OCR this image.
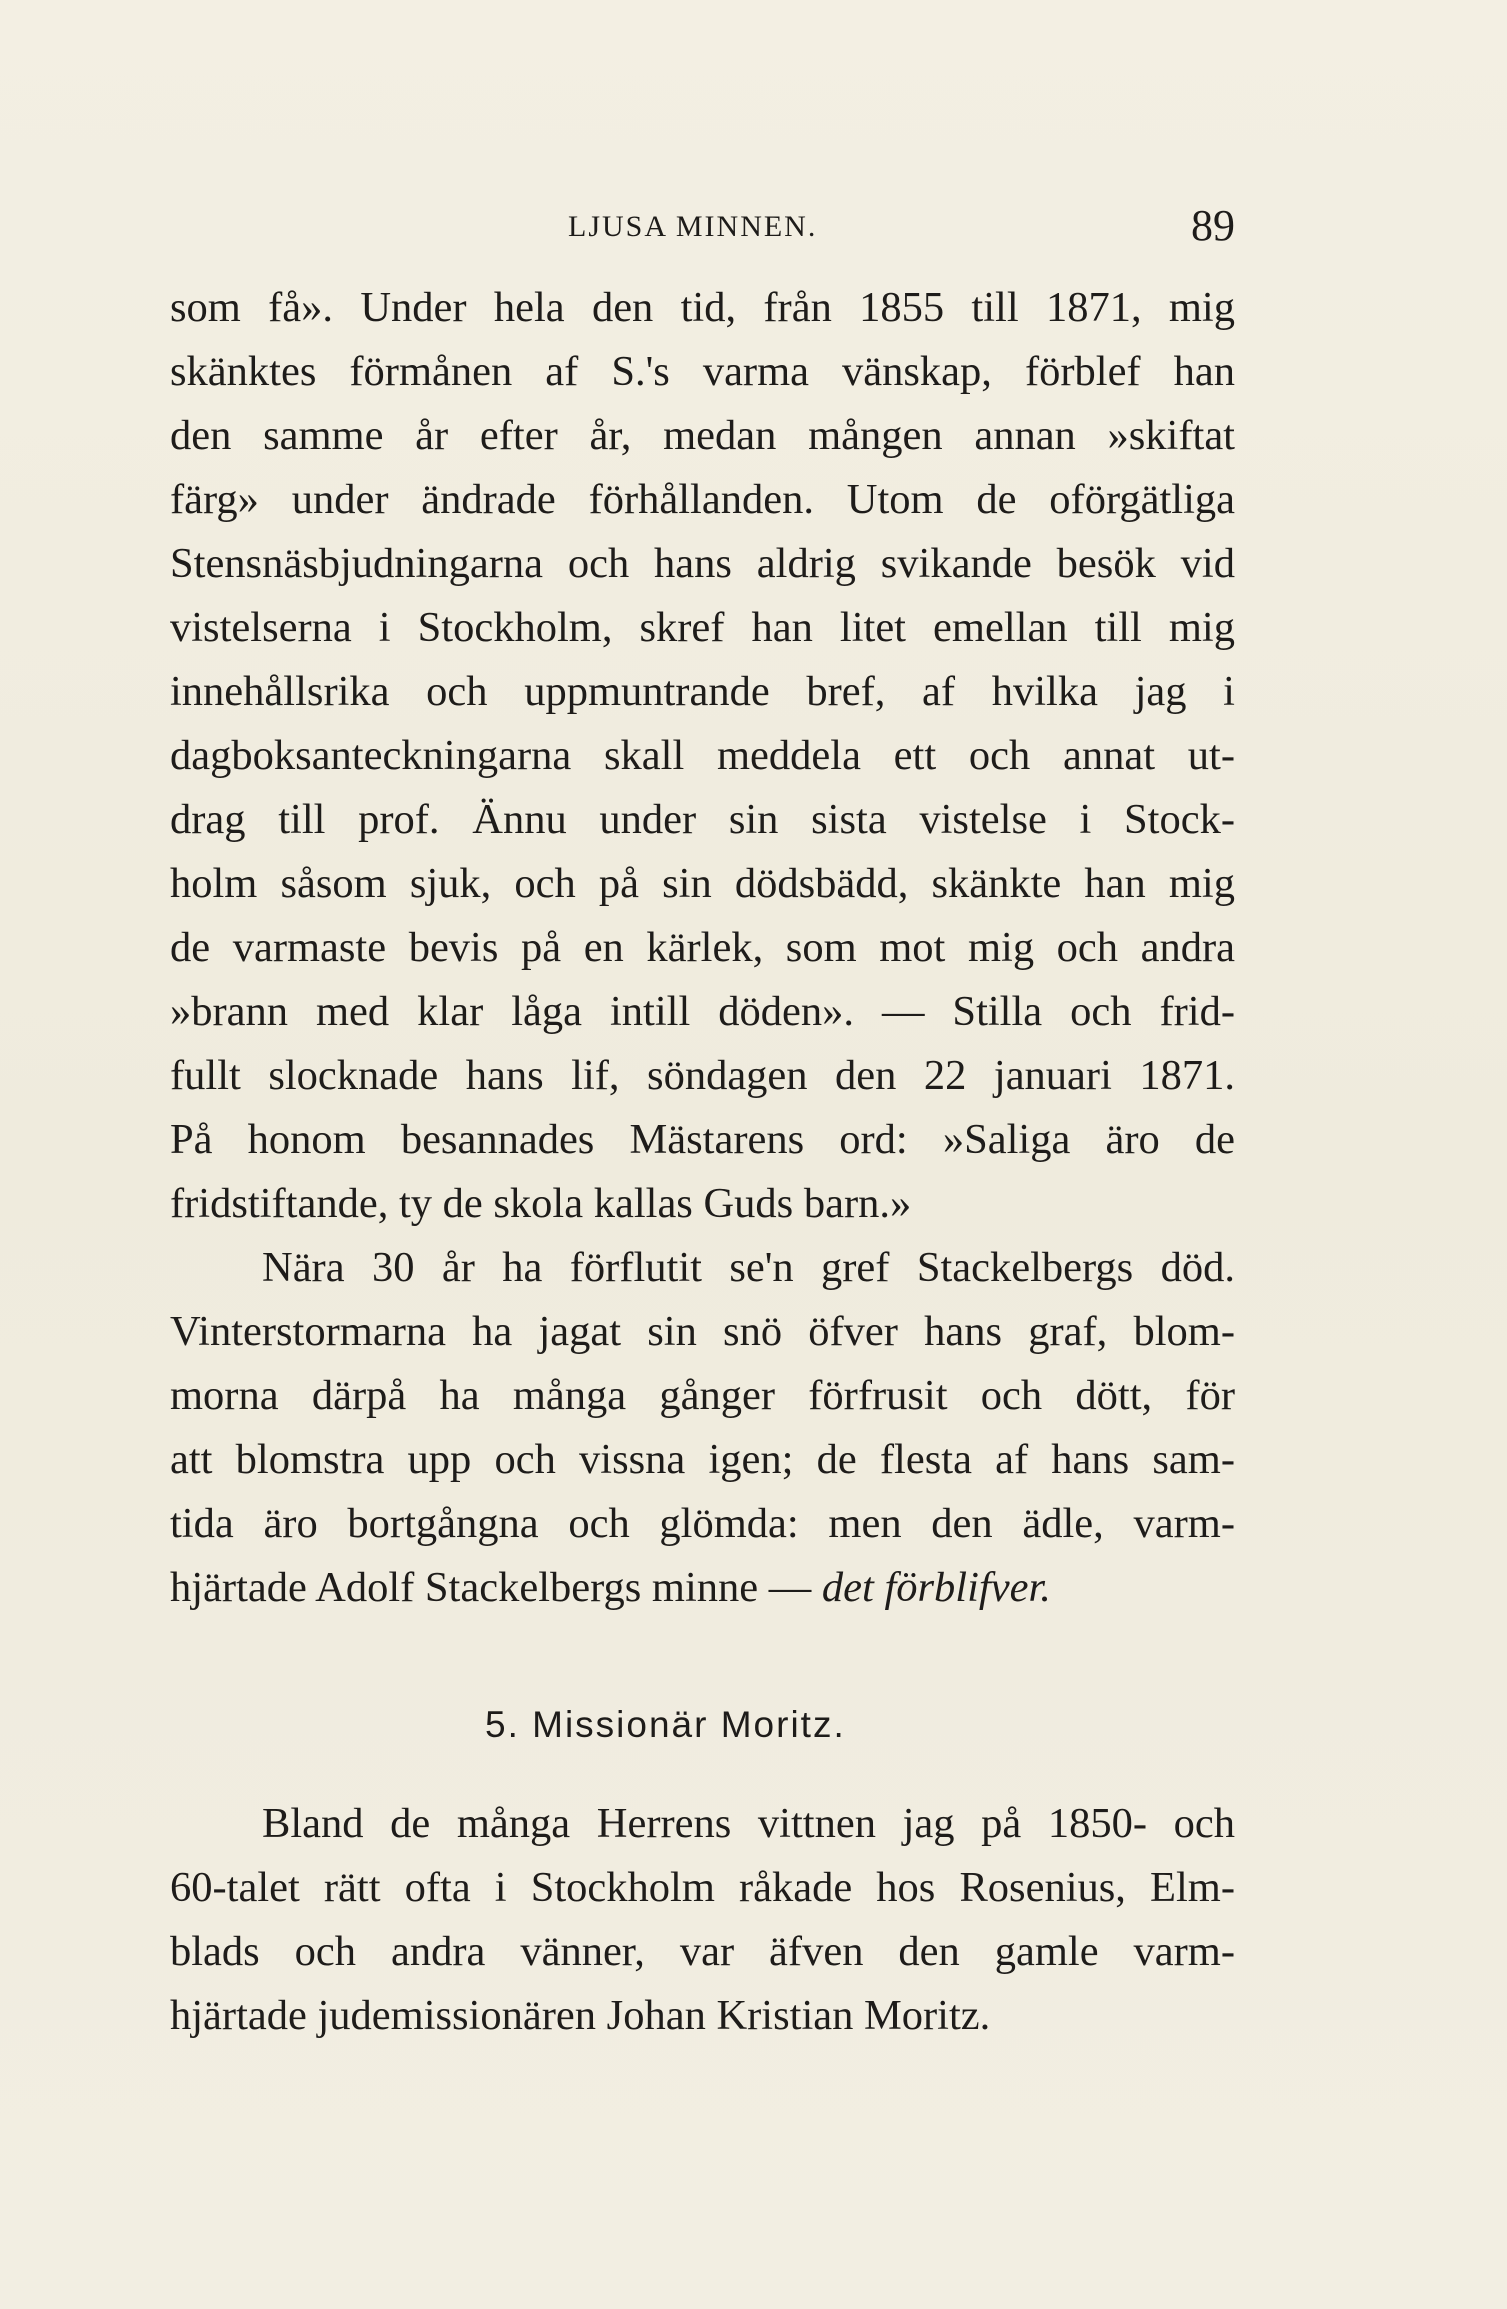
LJUSA MINNEN.	89
som få». Under hela den tid, från 1855 till 1871, mig
skänktes förmånen af S.'s varma vänskap, förblef han
den samme år efter år, medan mången annan »skiftat
färg» under ändrade förhållanden. Utom de oförgätliga
Stensnäsbjudningarna och hans aldrig svikande besök vid
vistelserna i Stockholm, skref han litet emellan till mig
innehållsrika och uppmuntrande bref, af hvilka jag i
dagboksanteckningarna skall meddela ett och annat ut-
drag till prof. Ännu under sin sista vistelse i Stock-
holm såsom sjuk, och på sin dödsbädd, skänkte han mig
de varmaste bevis på en kärlek, som mot mig och andra
»brann med klar låga intill döden». — Stilla och frid-
fullt slocknade hans lif, söndagen den 22 januari 1871.
På honom besannades Mästarens ord: »Saliga äro de
fridstiftande, ty de skola kallas Guds barn.»
Nära 30 år ha förflutit se'n gref Stackelbergs död.
Vinterstormarna ha jagat sin snö öfver hans graf, blom-
morna därpå ha många gånger förfrusit och dött, för
att blomstra upp och vissna igen; de flesta af hans sam-
tida äro bortgångna och glömda: men den ädle, varm-
hjärtade Adolf Stackelbergs minne — det förblifver.
5. Missionär Moritz.
Bland de många Herrens vittnen jag på 1850- och
60-talet rätt ofta i Stockholm råkade hos Rosenius, Elm-
blads och andra vänner, var äfven den gamle varm-
hjärtade judemissionären Johan Kristian Moritz.
